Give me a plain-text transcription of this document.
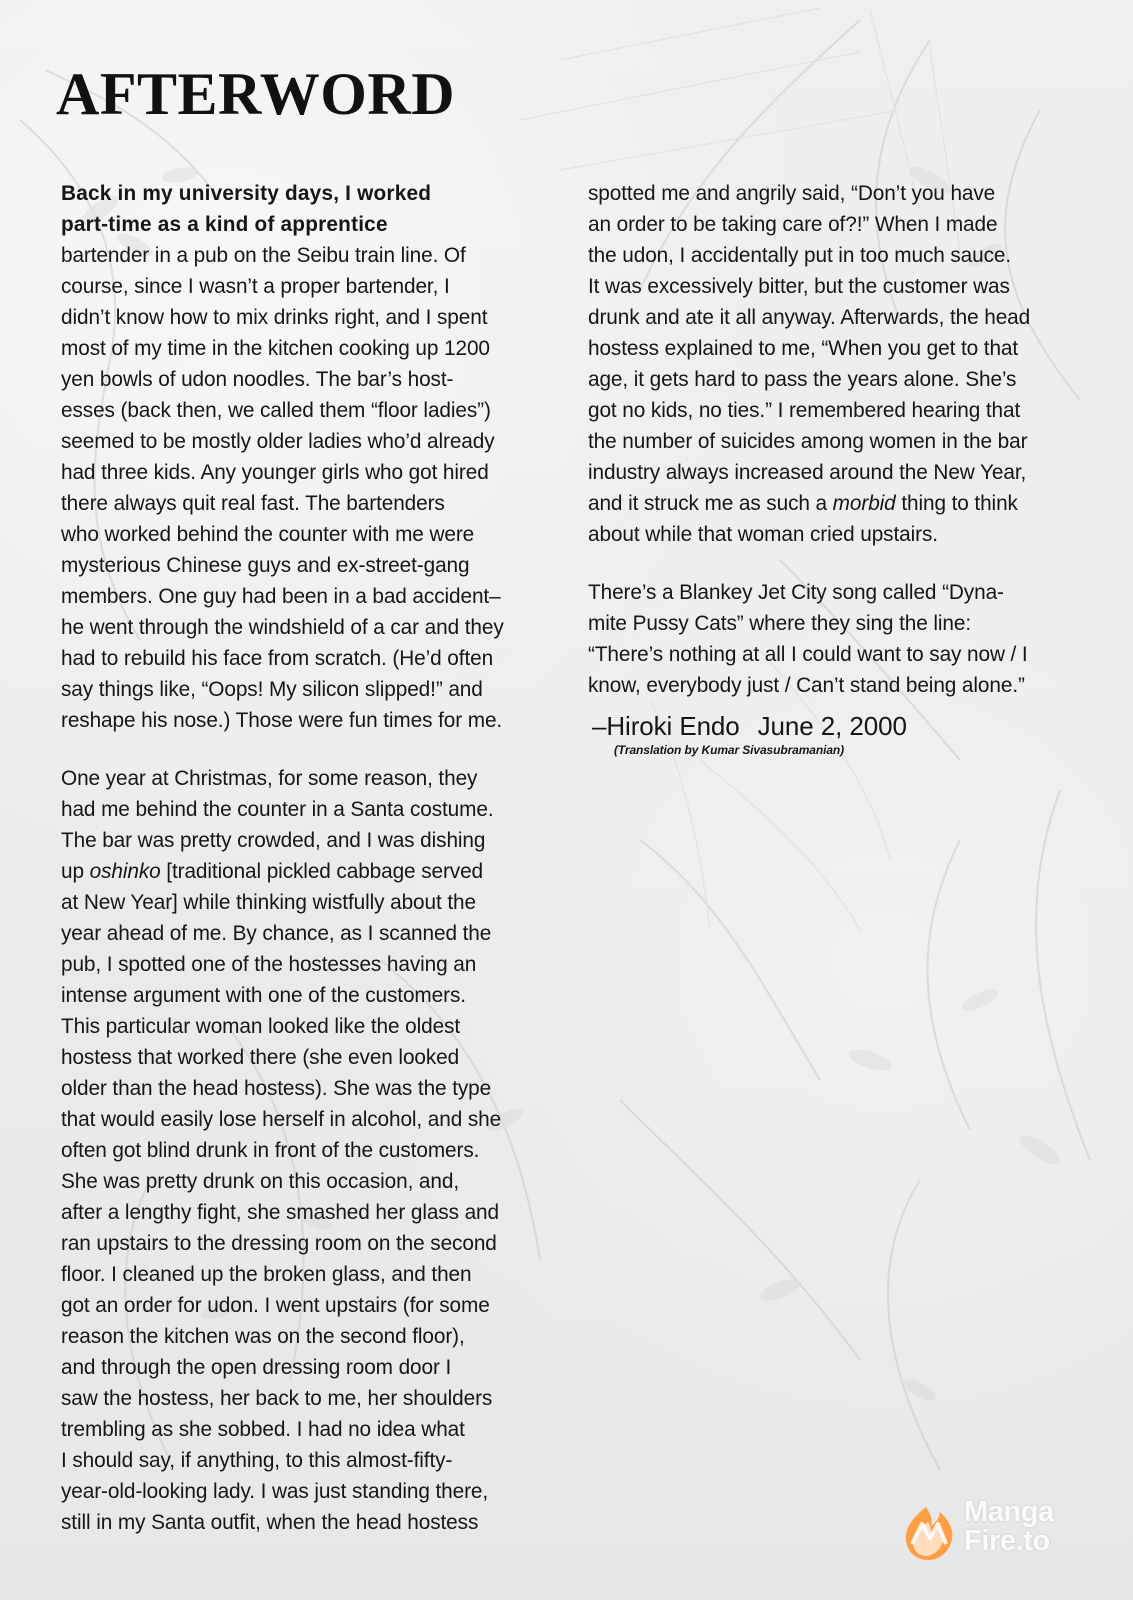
AFTERWORD
Back in my university days, I worked
part-time as a kind of apprentice
bartender in a pub on the Seibu train line. Of
course, since I wasn’t a proper bartender, I
didn’t know how to mix drinks right, and I spent
most of my time in the kitchen cooking up 1200
yen bowls of udon noodles. The bar’s host-
esses (back then, we called them “floor ladies”)
seemed to be mostly older ladies who’d already
had three kids. Any younger girls who got hired
there always quit real fast. The bartenders
who worked behind the counter with me were
mysterious Chinese guys and ex-street-gang
members. One guy had been in a bad accident–
he went through the windshield of a car and they
had to rebuild his face from scratch. (He’d often
say things like, “Oops! My silicon slipped!” and
reshape his nose.) Those were fun times for me.
One year at Christmas, for some reason, they
had me behind the counter in a Santa costume.
The bar was pretty crowded, and I was dishing
up oshinko [traditional pickled cabbage served
at New Year] while thinking wistfully about the
year ahead of me. By chance, as I scanned the
pub, I spotted one of the hostesses having an
intense argument with one of the customers.
This particular woman looked like the oldest
hostess that worked there (she even looked
older than the head hostess). She was the type
that would easily lose herself in alcohol, and she
often got blind drunk in front of the customers.
She was pretty drunk on this occasion, and,
after a lengthy fight, she smashed her glass and
ran upstairs to the dressing room on the second
floor. I cleaned up the broken glass, and then
got an order for udon. I went upstairs (for some
reason the kitchen was on the second floor),
and through the open dressing room door I
saw the hostess, her back to me, her shoulders
trembling as she sobbed. I had no idea what
I should say, if anything, to this almost-fifty-
year-old-looking lady. I was just standing there,
still in my Santa outfit, when the head hostess
spotted me and angrily said, “Don’t you have
an order to be taking care of?!” When I made
the udon, I accidentally put in too much sauce.
It was excessively bitter, but the customer was
drunk and ate it all anyway. Afterwards, the head
hostess explained to me, “When you get to that
age, it gets hard to pass the years alone. She’s
got no kids, no ties.” I remembered hearing that
the number of suicides among women in the bar
industry always increased around the New Year,
and it struck me as such a morbid thing to think
about while that woman cried upstairs.
There’s a Blankey Jet City song called “Dyna-
mite Pussy Cats” where they sing the line:
“There’s nothing at all I could want to say now / I
know, everybody just / Can’t stand being alone.”
–Hiroki Endo June 2, 2000
(Translation by Kumar Sivasubramanian)
Manga
Fire.to
